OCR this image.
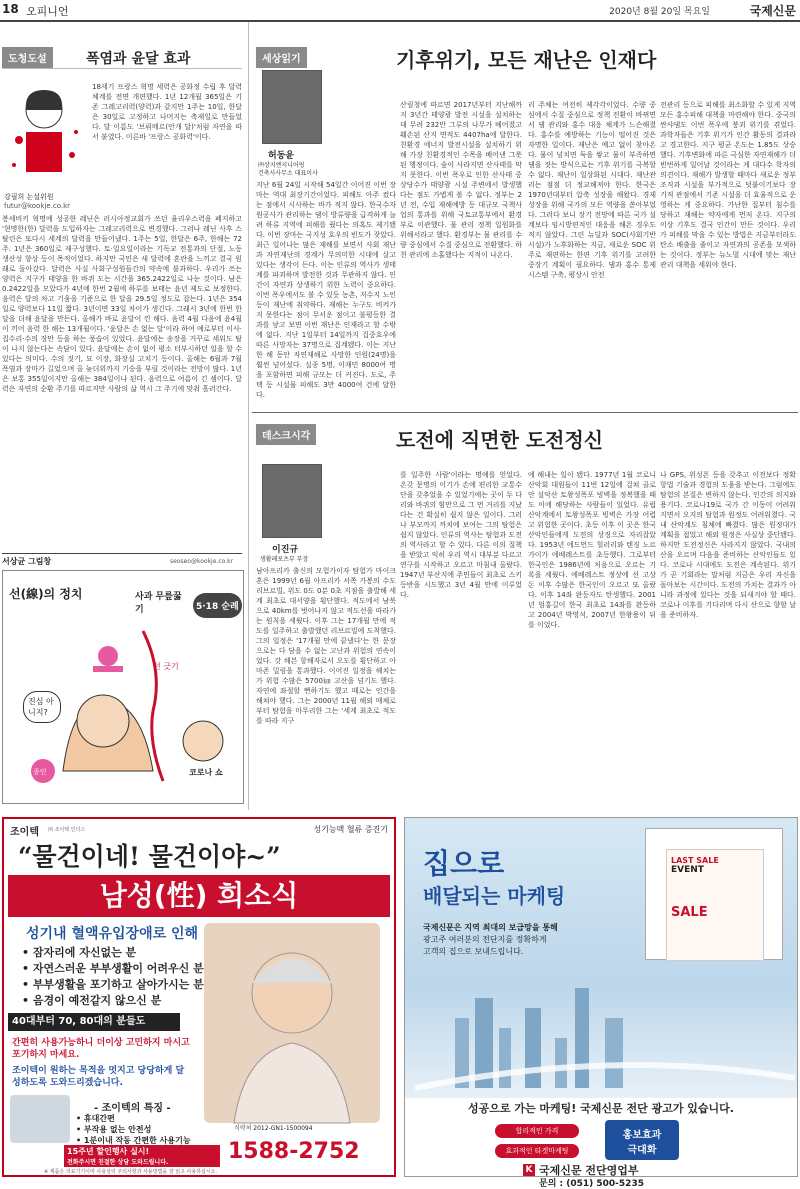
18 오피니언	2020년 8월 20일 목요일	국제신문
도청도설	폭염과 윤달 효과
강필희 논설위원
futur@kookje.co.kr

18세기 프랑스 혁명 세력은 공화정 수립 후 달력 체계를 전면 개편했다. 1년 12개월 365일은 기존 그레고리력(양력)과 같지만 1주는 10일, 한달은 30일로 고정하고 나머지는 축제일로 만들었다. 달 이름도 '브뤼메르(안개 달)'처럼 자연을 따서 붙였다. 이른바 '프랑스 공화력'이다.

봉세비키 혁명에 성공한 레닌은 러시아정교회가 쓰던 율리우스력을 폐지하고 '현명한(한) 달력을 도입하자는 그레고리력으로 변경했다. 그러나 레닌 사후 스탈린은 또다시 세계의 달력을 만들어냈다. 1주는 5일, 한달은 6주, 한해는 72주. 1년은 360일로 재구성했다. 토·일요일이라는 기독교 전통과의 단절, 노동생산성 향상 등이 목적이었다. 하지만 국민은 새 달력에 혼란을 느끼고 결국 원래로 돌아갔다. 달력은 사실 사회구성원들간의 약속에 불과하다. 우리가 쓰는 양력은 지구가 태양을 한 바퀴 도는 시간을 365.2422일로 나눈 것이다. 남은 0.2422일을 모았다가 4년에 한번 2월에 하루를 보태는 윤년 제도로 보정한다. 음력은 달의 차고 기움을 기준으로 한 달을 29.5일 정도로 잡는다. 1년은 354일로 양력보다 11일 짧다. 3년이면 33일 차이가 생긴다. 그래서 3년에 한번 한 달을 더해 윤달을 만든다. 올해가 바로 윤달이 낀 해다. 음력 4월 다음에 윤4월이 끼어 음력 한 해는 13개월이다. '윤달은 손 없는 달'이라 하여 예로부터 이사·집수리·수의 장만 등을 하는 풍습이 있었다. 윤달에는 송장을 거꾸로 세워도 탈이 나지 않는다는 속담이 있다. 윤달에는 손이 없어 평소 터부시하던 일을 할 수 있다는 의미다. 수의 짓기, 묘 이장, 화장실 고치기 등이다. 올해는 6월과 7월 폭염과 장마가 길었으며 올 늦더위까지 기승을 부릴 것이라는 전망이 많다. 1년은 보통 355일이지만 올해는 384일이나 된다. 음력으로 여름이 긴 셈이다. 달력은 자연의 순환 주기를 따르지만 사람의 삶 역시 그 주기에 맞춰 흘러간다.

서상균 그림창	seoseo@kookje.co.kr
선(線)의 정치	사과 무릎꿇기	5·18 순례
선 긋기
진심 아니지?
코로나 쇼
종인
세상읽기	기후위기, 모든 재난은 인재다
허동윤
㈜상지엔지니어링
건축사사무소 대표이사

지난 6월 24일 시작해 54일간 이어진 이번 장마는 역대 최장기간이었다. 피해도 아주 컸다는 점에서 시사하는 바가 적지 않다. 한국수자원공사가 관리하는 댐이 방류량을 급격하게 늘려 하류 지역에 피해를 줬다는 의혹도 제기됐다. 이번 장마는 국지성 호우의 빈도가 잦았다. 최근 일어나는 많은 재해를 보면서 사회 재난과 자연재난의 경계가 무의미한 시대에 살고 있다는 생각이 든다. 이는 인류의 역사가 생태계를 파괴하며 발전한 것과 무관하지 않다. 인간이 자연과 상생하기 위한 노력이 중요하다. 이번 폭우에서도 볼 수 있듯 농촌, 저수지 노인 등이 재난에 취약하다. 재해는 누구도 비켜가지 못한다는 점이 무서운 점이고 불평등한 결과를 낳고 보면 이번 재난은 인재라고 할 수밖에 없다. 지난 1일부터 14일까지 집중호우에 따른 사망자는 37명으로 집계됐다. 이는 지난 한 해 동안 자연재해로 사망한 인원(24명)을 훨씬 넘어섰다. 실종 5명, 이재민 8000여 명을 포함하면 피해 규모는 더 커진다. 도로, 주택 등 시설물 피해도 3만 4000여 건에 달한다.

산림청에 따르면 2017년부터 지난해까지 3년간 태양광 발전 시설을 설치하는 데 무려 232만 그루의 나무가 베어졌고 훼손된 산지 면적도 4407ha에 달한다. 친환경 에너지 발전시설을 설치하기 위해 가장 친환경적인 수목을 베어낸 그릇된 행정이다. 숲이 사라지면 산사태를 막지 못한다. 이번 폭우로 인한 산사태 중 상당수가 태양광 시설 주변에서 발생했다는 점도 가볍게 볼 수 없다. 정부는 2년 전, 수입 재해예방 등 대규모 국책사업의 통과를 위해 국토교통부에서 환경부로 이관했다. 물 관리 정책 일원화를 위해서라고 했다. 환경부는 물 관리를 수량 중심에서 수질 중심으로 전환했다. 하천 관리에 소홀했다는 지적이 나온다.

리 주체는 여전히 제각각이었다. 수량 중심에서 수질 중심으로 정책 전환이 바뀌면서 댐 관리와 홍수 대응 체계가 느슨해졌다. 홍수를 예방하는 기능이 떨어진 것은 자명한 일이다. 재난은 예고 없이 찾아온다. 물이 넘치면 둑을 쌓고 물이 부족하면 댐을 짓는 방식으로는 기후 위기를 극복할 수 없다. 재난이 일상화된 시대다. 재난관리는 점점 더 정교해져야 한다. 한국은 1970년대부터 압축 성장을 해왔다. 경제 성장을 위해 국가의 모든 역량을 쏟아부었다. 그러다 보니 장기 전망에 따른 국가 설계보다 임시방편적인 대응을 해온 경우도 적지 않았다. 그린 뉴딜과 SOC(사회기반시설)가 노후화하는 지금, 새로운 SOC 위주로 재편하는 한편 기후 위기를 고려한 중장기 계획이 필요하다. 댐과 홍수 통제 시스템 구축, 평상시 안전

전관리 등으로 피해를 최소화할 수 있게 지역 모든 홍수피해 대책을 마련해야 한다. 중국의 싼샤댐도 이번 폭우에 붕괴 위기를 겪었다. 과학자들은 기후 위기가 인간 활동의 결과라고 경고한다. 지구 평균 온도는 1.85도 상승했다. 기후변화에 따른 극심한 자연재해가 더 빈번하게 일어날 것이라는 게 대다수 학자의 의견이다. 재해가 발생할 때마다 새로운 정부 조직과 시설을 부가적으로 덧붙이기보다 장기적 관점에서 기존 시설을 더 효율적으로 운영하는 게 중요하다. 가난한 집부터 침수를 당하고 재해는 약자에게 먼저 온다. 지구의 이상 기후도 결국 인간이 만든 것이다. 우리가 피해를 막을 수 있는 방법은 지금부터라도 탄소 배출을 줄이고 자연과의 공존을 모색하는 것이다. 정부는 뉴노멀 시대에 맞는 재난관리 대책을 세워야 한다.

데스크시각	도전에 직면한 도전정신
이진규
생활레포츠부 부장

남아프리카 출신의 모험가이자 탐험가 마이크 혼은 1999년 6월 아프리카 서쪽 가봉의 수도 리브르빌, 위도 0도 0분 0초 지점을 출발해 세계 최초로 대서양을 횡단했다. 적도에서 남북으로 40km를 벗어나지 않고 적도선을 따라가는 원칙을 세웠다. 이후 그는 17개월 만에 적도를 일주하고 출발했던 리브르빌에 도착했다. 그의 일정은 '17개월 만에 끝냈다'는 한 문장으로는 다 담을 수 없는 고난과 위험의 연속이었다. 갓 해븐 항해자로서 오도를 횡단하고 아마존 밀림을 통과했다. 이어진 일정을 해치는 가 위험 수많은 5700㎞ 고산을 넘기도 했다. 자연에 좌절할 뻔하기도 했고 때로는 인간을 해쳐야 했다. 그는 2000년 11월 해외 매체로부터 탐험을 마무리한 그는 '세계 최초로 적도를 따라 지구

를 일주한 사람'이라는 명예를 얻었다. 온갖 문명의 이기가 손에 편리한 교통수단을 갖추었을 수 있었기에는 곳이 두 다리와 바퀴의 힘만으로 그 먼 거리를 지났다는 건 확실히 쉽지 않은 일이다. 그러나 부모까지 까치에 보여는 그의 탐험은 쉽지 않았다. 인류의 역사는 탐험과 도전의 역사라고 할 수 있다. 다른 이의 질책을 받았고 익히 우리 역시 대부분 다르고 연구를 시작하고 오르고 마침내 올랐다. 1947년 부산지에 주민들이 최초로 스키 등반을 시도했고 3년 4월 만에 이루었다.

에 해내는 일이 됐다. 1977년 1월 코로니산악회 대원들이 11번 12일에 걸쳐 골로 안 설악산 토왕성폭포 빙벽을 정복했을 때도 이에 해당하는 사람들이 있었다. 유럽 산악계에서 토왕성폭포 빙벽은 가장 어렵고 위험한 곳이다. 초등 이후 이 곳은 한국 산악인들에게 도전의 상징으로 자리잡았다. 1953년 에드먼드 힐러리와 텐징 노르가이가 에베레스트를 초등했다. 그로부터 한국인은 1986년에 처음으로 오르는 기록을 세웠다. 에베레스트 정상에 선 고상돈 이후 수많은 한국인이 오르고 또 올랐다. 이후 14좌 완등자도 탄생했다. 2001년 엄홍길이 한국 최초로 14좌를 완등하고 2004년 박영석, 2007년 한왕용이 뒤를 이었다.

나 GPS, 위성폰 등을 갖추고 이전보다 정확 항법 기술과 경험의 도움을 받는다. 그럼에도 탐험의 본질은 변하지 않는다. 인간의 의지와 용기다. 코로나19로 국가 간 이동이 어려워지면서 오지의 탐험과 원정도 어려워졌다. 국내 산악계도 침체에 빠졌다. 많은 원정대가 계획을 접었고 해외 원정은 사실상 중단됐다. 하지만 도전정신은 사라지지 않았다. 국내의 산을 오르며 다음을 준비하는 산악인들도 있다. 코로나 시대에도 도전은 계속된다. 위기가 곧 기회라는 말처럼 지금은 우리 자신을 돌아보는 시간이다. 도전의 가치는 결과가 아니라 과정에 있다는 것을 되새겨야 할 때다. 코로나 이후를 기다리며 다시 산으로 향할 날을 준비하자.

조이텍 ㈜ 조이텍 인더스	성기능맥 혈류 증진기
“물건이네! 물건이야~”
남성(性) 희소식
성기내 혈액유입장애로 인해
• 잠자리에 자신없는 분
• 자연스러운 부부생활이 어려우신 분
• 부부생활을 포기하고 살아가시는 분
• 음경이 예전같지 않으신 분
40대부터 70, 80대의 분들도
간편히 사용가능하니 더이상 고민하지 마시고 포기하지 마세요.
조이텍이 원하는 목적을 멋지고 당당하게 달성하도록 도와드리겠습니다.
- 조이텍의 특징 -
• 휴대간편
• 부작용 없는 안전성
• 1분이내 작동 간편한 사용기능
식약처 2012-GN1-1500094
15주년 할인행사 실시!
전화주시면 친절한 상담 도와드립니다.	1588-2752
※ 제품은 의료기기이며 사용상의 주의사항과 사용방법을 잘 읽고 사용하십시오.
집으로
배달되는 마케팅
국제신문은 지역 최대의 보급망을 통해
광고주 여러분의 전단지를 정확하게
고객의 집으로 보내드립니다.
LAST SALE
EVENT
SALE
성공으로 가는 마케팅! 국제신문 전단 광고가 있습니다.
합리적인 가격
효과적인 타겟마케팅
홍보효과
극대화
K 국제신문 전단영업부
문의 : (051) 500-5235
